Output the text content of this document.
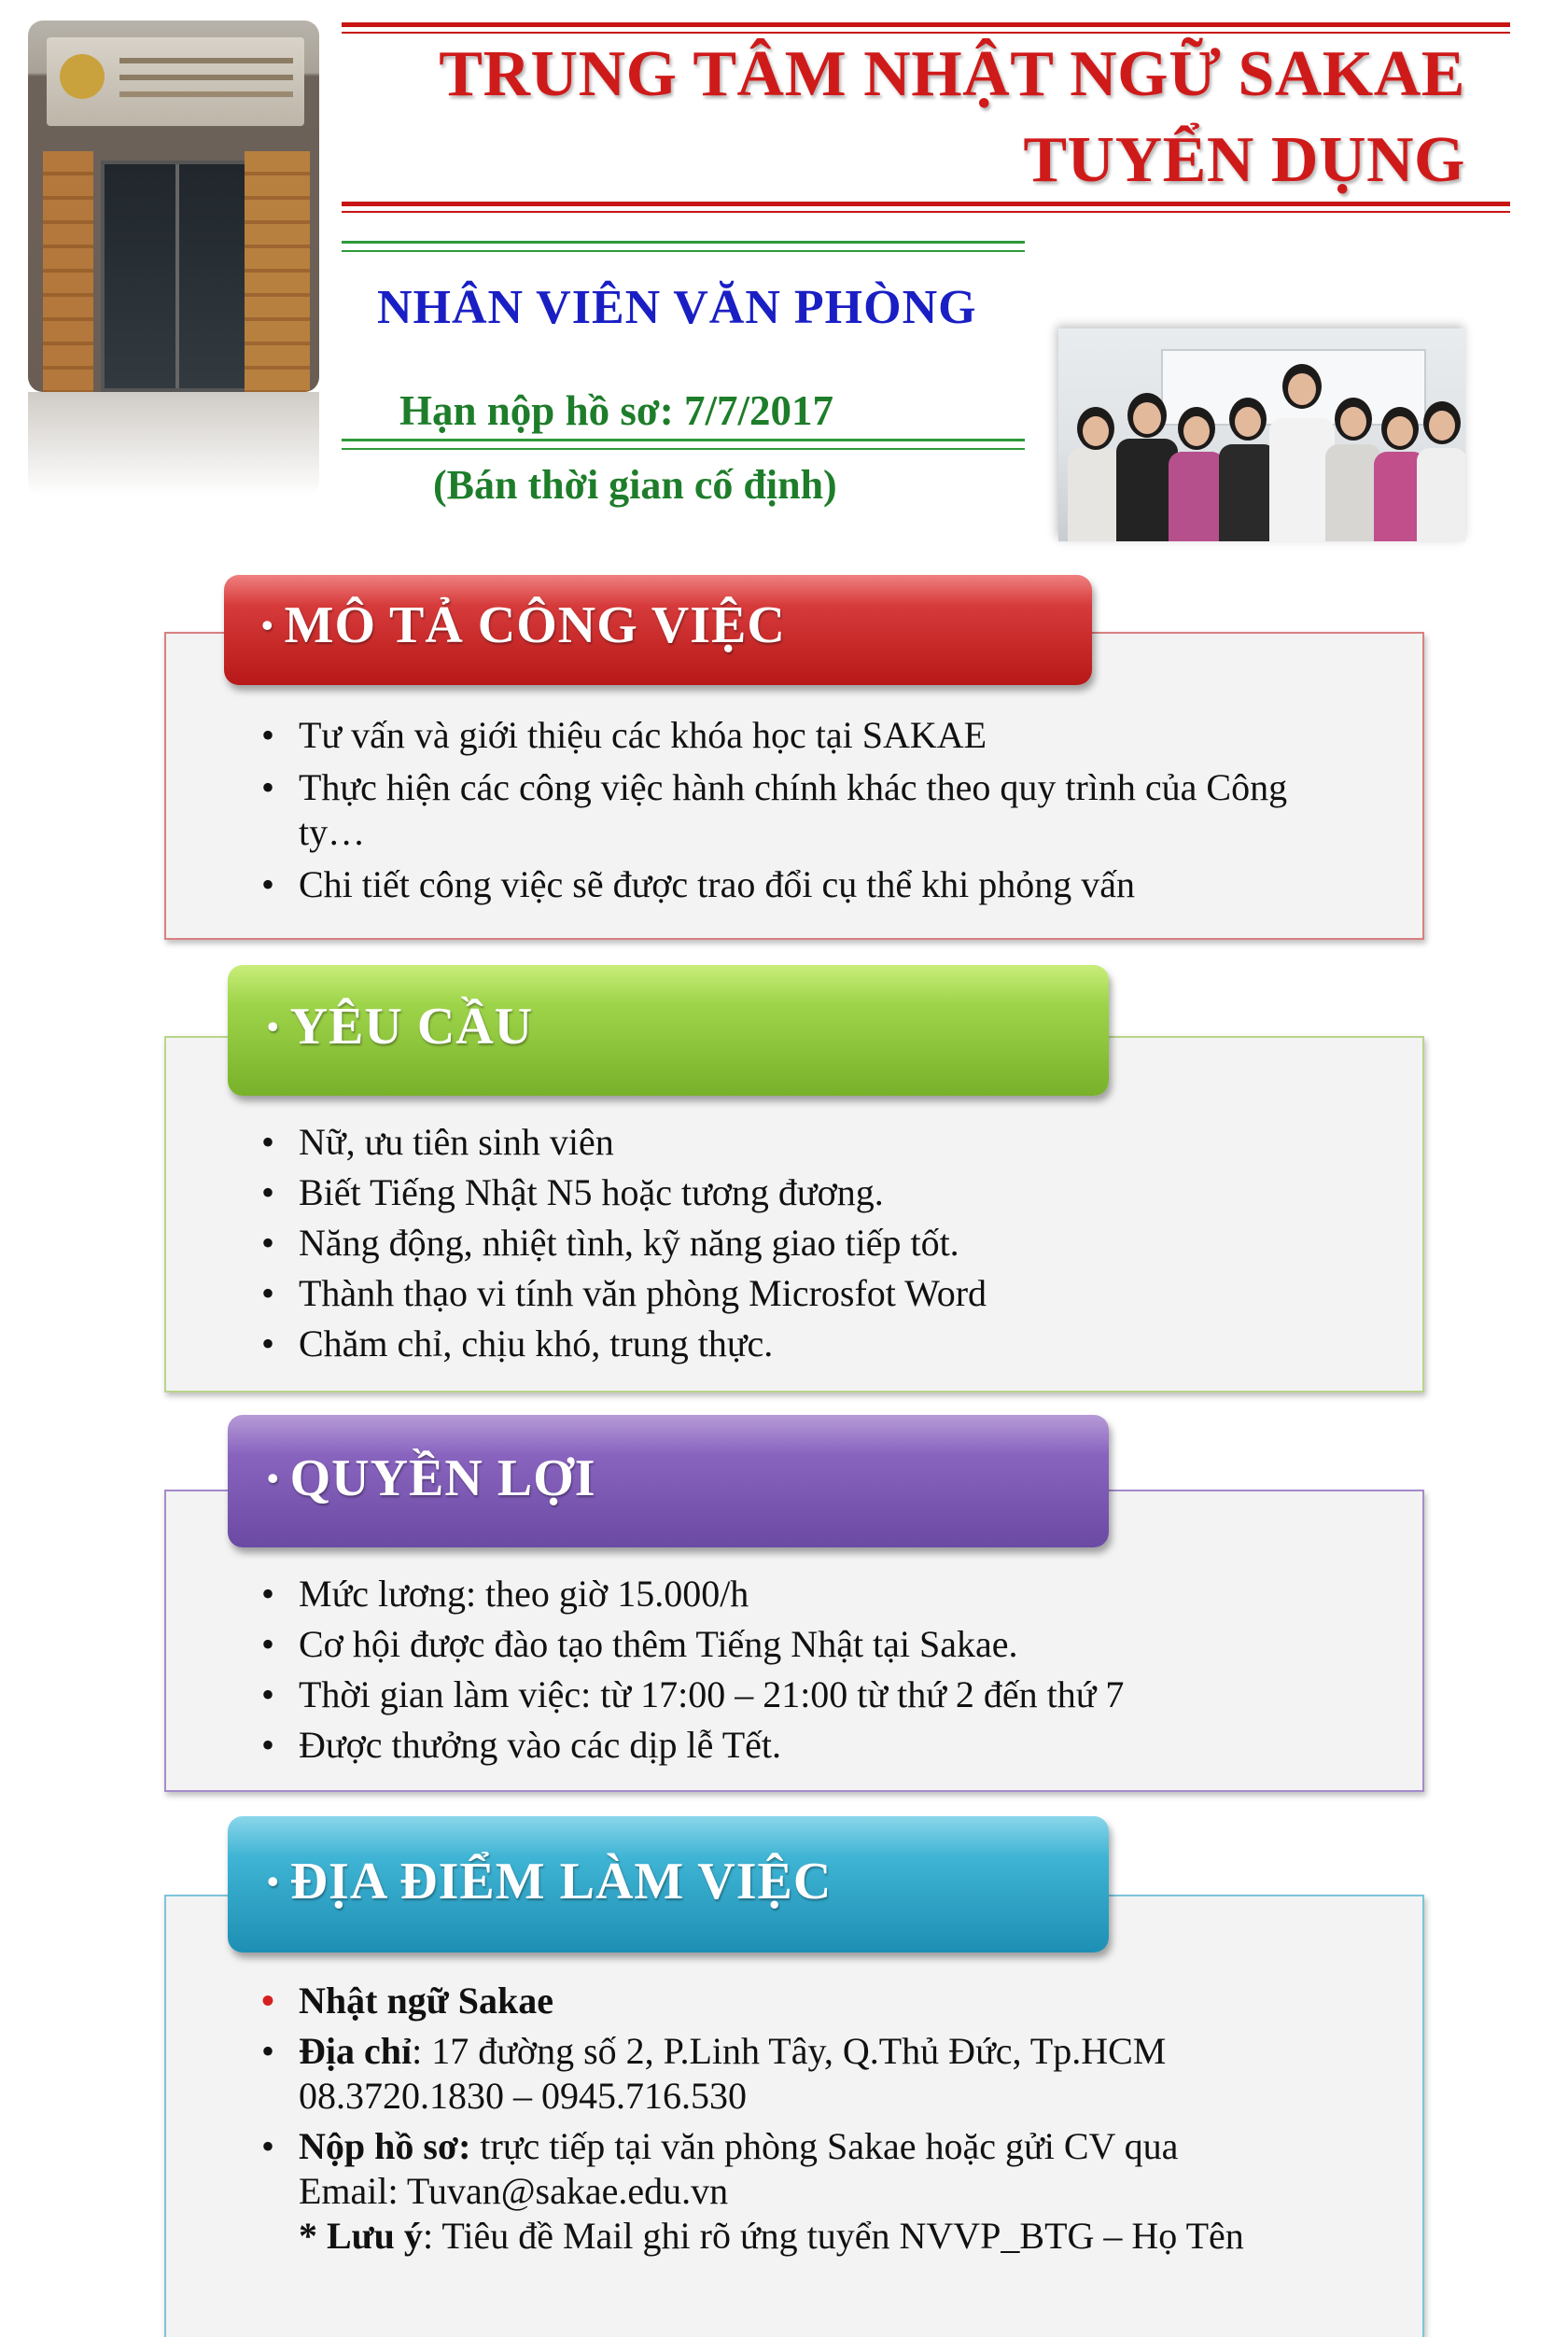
TRUNG TÂM NHẬT NGỮ SAKAE
TUYỂN DỤNG
NHÂN VIÊN VĂN PHÒNG
Hạn nộp hồ sơ: 7/7/2017
(Bán thời gian cố định)
• MÔ TẢ CÔNG VIỆC
• Tư vấn và giới thiệu các khóa học tại SAKAE
• Thực hiện các công việc hành chính khác theo quy trình của Công ty…
• Chi tiết công việc sẽ được trao đổi cụ thể khi phỏng vấn
• YÊU CẦU
• Nữ, ưu tiên sinh viên
• Biết Tiếng Nhật N5 hoặc tương đương.
• Năng động, nhiệt tình, kỹ năng giao tiếp tốt.
• Thành thạo vi tính văn phòng Microsfot Word
• Chăm chỉ, chịu khó, trung thực.
• QUYỀN LỢI
• Mức lương: theo giờ 15.000/h
• Cơ hội được đào tạo thêm Tiếng Nhật tại Sakae.
• Thời gian làm việc: từ 17:00 – 21:00 từ thứ 2 đến thứ 7
• Được thưởng vào các dịp lễ Tết.
• ĐỊA ĐIỂM LÀM VIỆC
• Nhật ngữ Sakae
• Địa chỉ: 17 đường số 2, P.Linh Tây, Q.Thủ Đức, Tp.HCM
08.3720.1830 – 0945.716.530
• Nộp hồ sơ: trực tiếp tại văn phòng Sakae hoặc gửi CV qua
Email: Tuvan@sakae.edu.vn
* Lưu ý: Tiêu đề Mail ghi rõ ứng tuyển NVVP_BTG – Họ Tên
